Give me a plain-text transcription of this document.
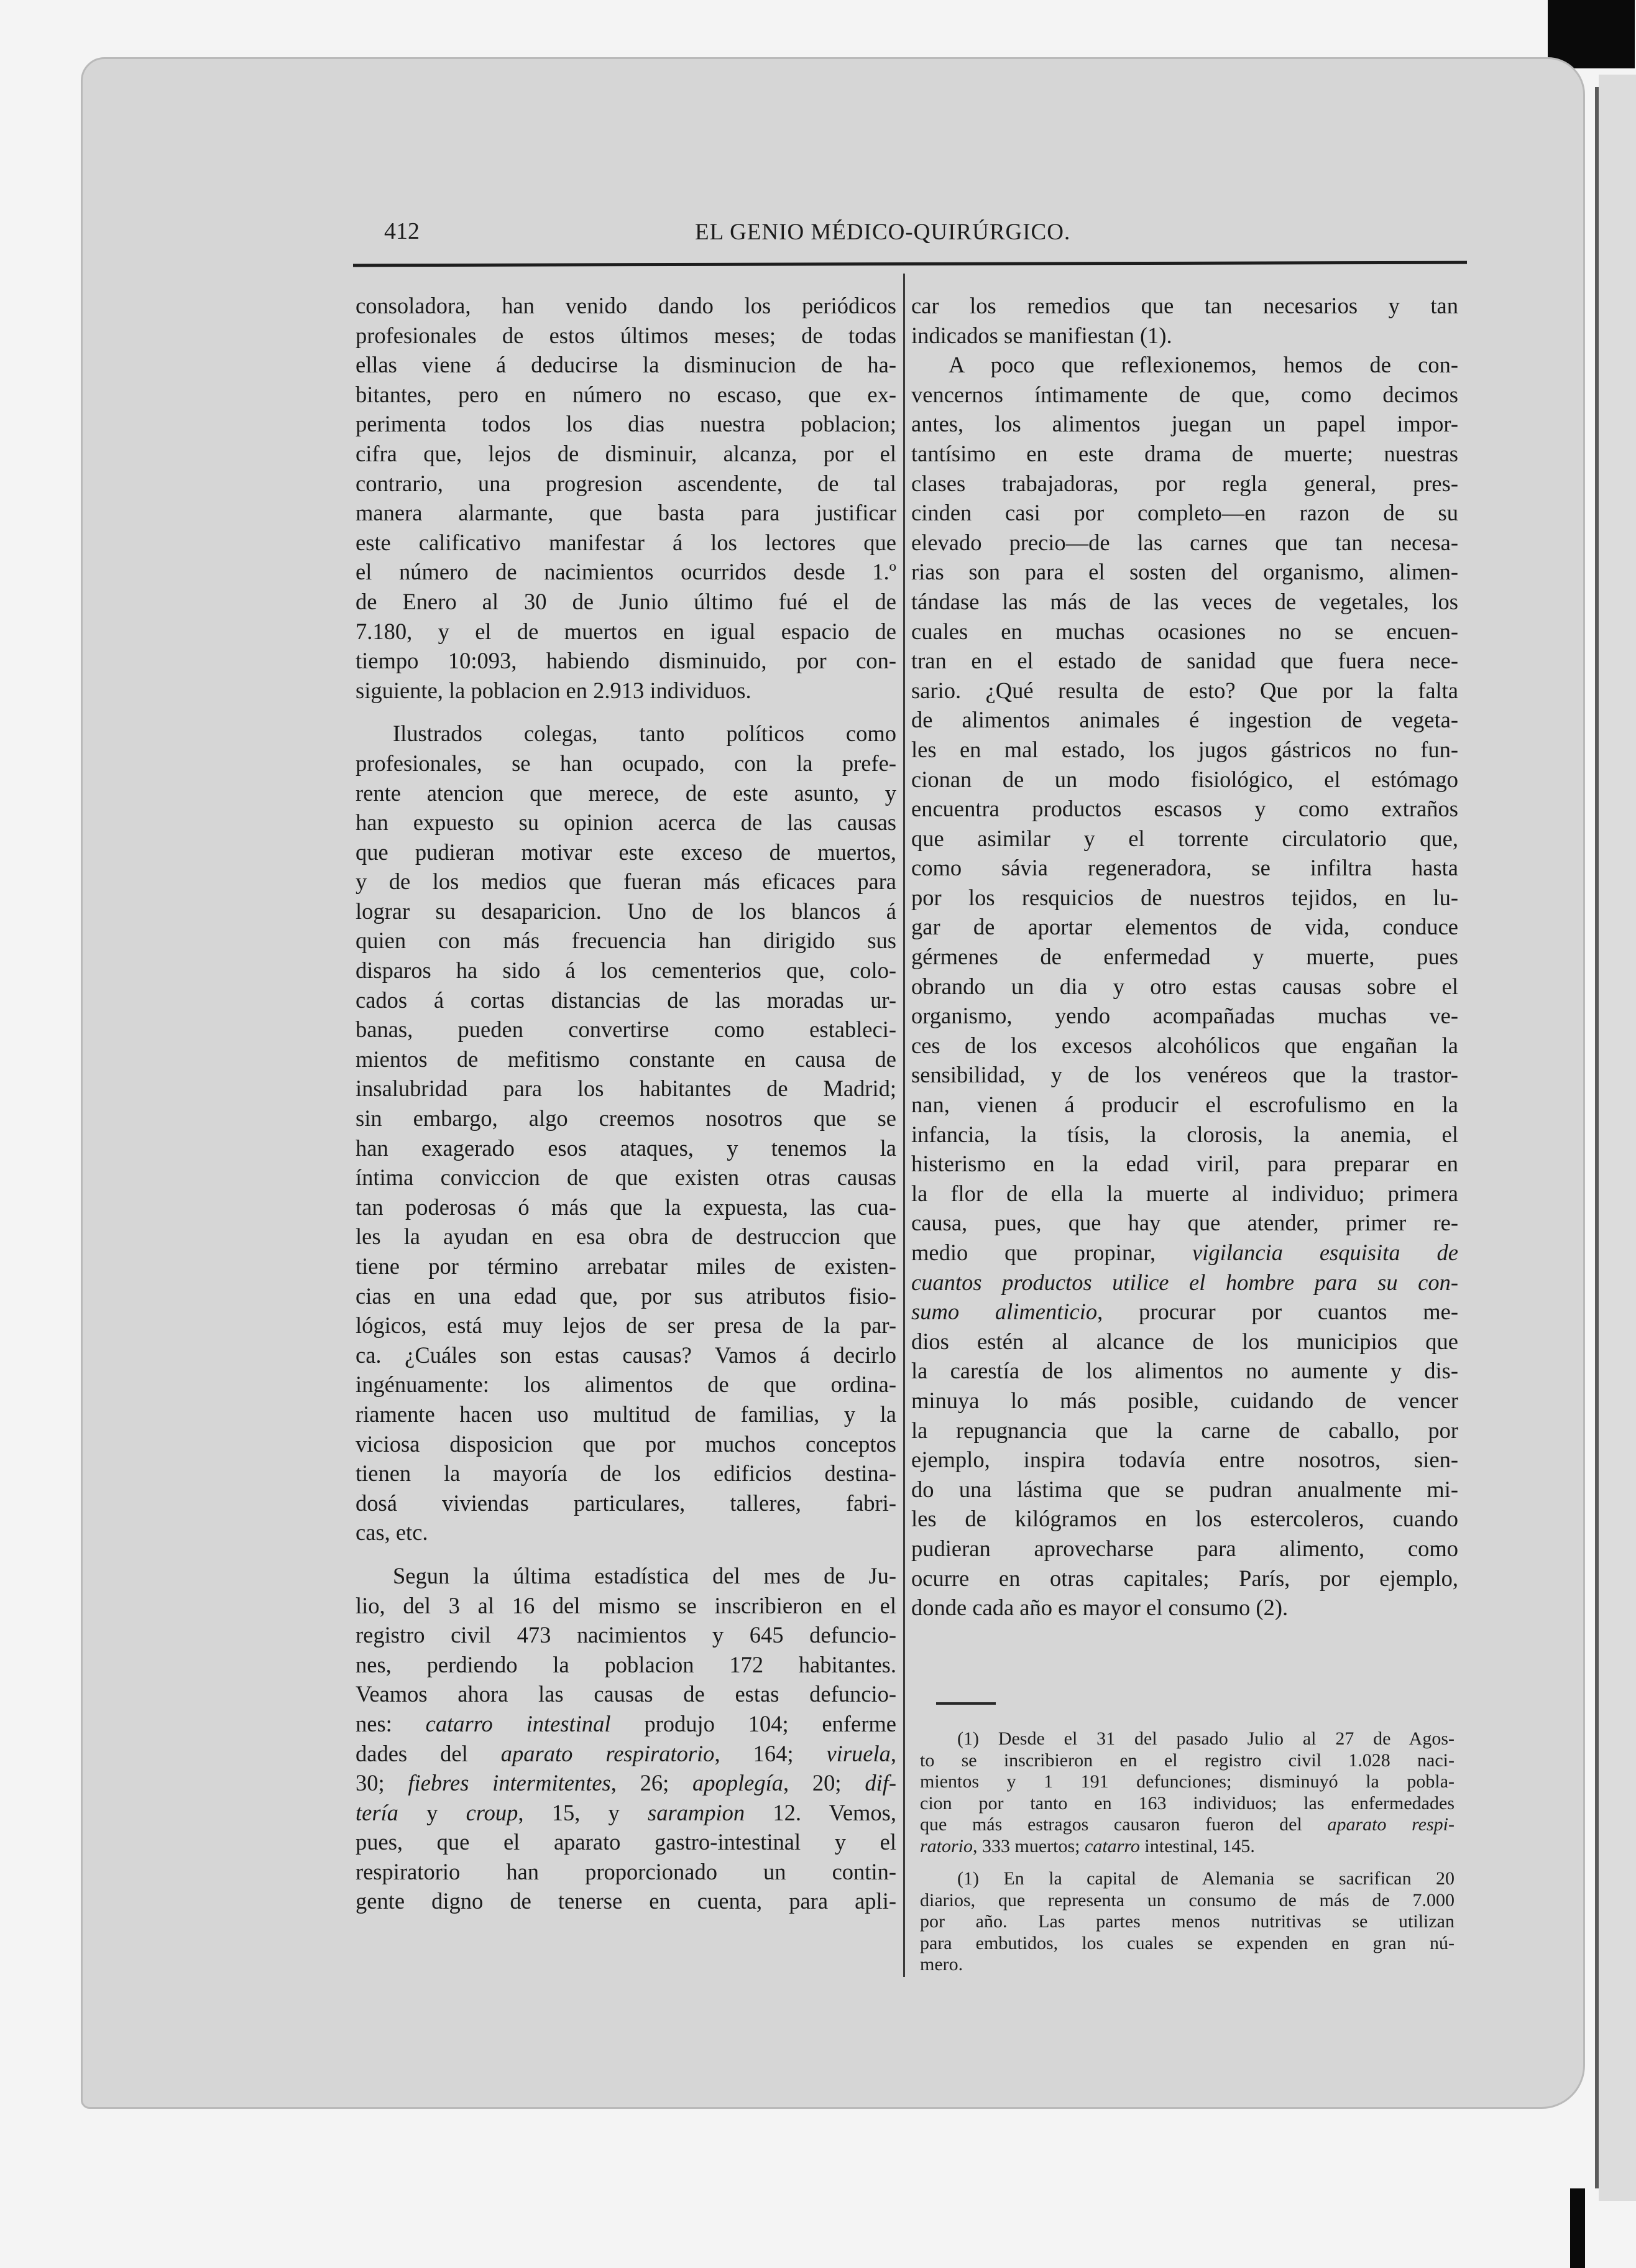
412	EL GENIO MÉDICO-QUIRÚRGICO.
consoladora, han venido dando los periódicos
profesionales de estos últimos meses; de todas
ellas viene á deducirse la disminucion de ha-
bitantes, pero en número no escaso, que ex-
perimenta todos los dias nuestra poblacion;
cifra que, lejos de disminuir, alcanza, por el
contrario, una progresion ascendente, de tal
manera alarmante, que basta para justificar
este calificativo manifestar á los lectores que
el número de nacimientos ocurridos desde 1.º
de Enero al 30 de Junio último fué el de
7.180, y el de muertos en igual espacio de
tiempo 10:093, habiendo disminuido, por con-
siguiente, la poblacion en 2.913 individuos.
Ilustrados colegas, tanto políticos como
profesionales, se han ocupado, con la prefe-
rente atencion que merece, de este asunto, y
han expuesto su opinion acerca de las causas
que pudieran motivar este exceso de muertos,
y de los medios que fueran más eficaces para
lograr su desaparicion. Uno de los blancos á
quien con más frecuencia han dirigido sus
disparos ha sido á los cementerios que, colo-
cados á cortas distancias de las moradas ur-
banas, pueden convertirse como estableci-
mientos de mefitismo constante en causa de
insalubridad para los habitantes de Madrid;
sin embargo, algo creemos nosotros que se
han exagerado esos ataques, y tenemos la
íntima conviccion de que existen otras causas
tan poderosas ó más que la expuesta, las cua-
les la ayudan en esa obra de destruccion que
tiene por término arrebatar miles de existen-
cias en una edad que, por sus atributos fisio-
lógicos, está muy lejos de ser presa de la par-
ca. ¿Cuáles son estas causas? Vamos á decirlo
ingénuamente: los alimentos de que ordina-
riamente hacen uso multitud de familias, y la
viciosa disposicion que por muchos conceptos
tienen la mayoría de los edificios destina-
dosá viviendas particulares, talleres, fabri-
cas, etc.
Segun la última estadística del mes de Ju-
lio, del 3 al 16 del mismo se inscribieron en el
registro civil 473 nacimientos y 645 defuncio-
nes, perdiendo la poblacion 172 habitantes.
Veamos ahora las causas de estas defuncio-
nes: catarro intestinal produjo 104; enferme
dades del aparato respiratorio, 164; viruela,
30; fiebres intermitentes, 26; apoplegía, 20; dif-
tería y croup, 15, y sarampion 12. Vemos,
pues, que el aparato gastro-intestinal y el
respiratorio han proporcionado un contin-
gente digno de tenerse en cuenta, para apli-
car los remedios que tan necesarios y tan
indicados se manifiestan (1).
A poco que reflexionemos, hemos de con-
vencernos íntimamente de que, como decimos
antes, los alimentos juegan un papel impor-
tantísimo en este drama de muerte; nuestras
clases trabajadoras, por regla general, pres-
cinden casi por completo—en razon de su
elevado precio—de las carnes que tan necesa-
rias son para el sosten del organismo, alimen-
tándase las más de las veces de vegetales, los
cuales en muchas ocasiones no se encuen-
tran en el estado de sanidad que fuera nece-
sario. ¿Qué resulta de esto? Que por la falta
de alimentos animales é ingestion de vegeta-
les en mal estado, los jugos gástricos no fun-
cionan de un modo fisiológico, el estómago
encuentra productos escasos y como extraños
que asimilar y el torrente circulatorio que,
como sávia regeneradora, se infiltra hasta
por los resquicios de nuestros tejidos, en lu-
gar de aportar elementos de vida, conduce
gérmenes de enfermedad y muerte, pues
obrando un dia y otro estas causas sobre el
organismo, yendo acompañadas muchas ve-
ces de los excesos alcohólicos que engañan la
sensibilidad, y de los venéreos que la trastor-
nan, vienen á producir el escrofulismo en la
infancia, la tísis, la clorosis, la anemia, el
histerismo en la edad viril, para preparar en
la flor de ella la muerte al individuo; primera
causa, pues, que hay que atender, primer re-
medio que propinar, vigilancia esquisita de
cuantos productos utilice el hombre para su con-
sumo alimenticio, procurar por cuantos me-
dios estén al alcance de los municipios que
la carestía de los alimentos no aumente y dis-
minuya lo más posible, cuidando de vencer
la repugnancia que la carne de caballo, por
ejemplo, inspira todavía entre nosotros, sien-
do una lástima que se pudran anualmente mi-
les de kilógramos en los estercoleros, cuando
pudieran aprovecharse para alimento, como
ocurre en otras capitales; París, por ejemplo,
donde cada año es mayor el consumo (2).
(1) Desde el 31 del pasado Julio al 27 de Agos-
to se inscribieron en el registro civil 1.028 naci-
mientos y 1 191 defunciones; disminuyó la pobla-
cion por tanto en 163 individuos; las enfermedades
que más estragos causaron fueron del aparato respi-
ratorio, 333 muertos; catarro intestinal, 145.
(1) En la capital de Alemania se sacrifican 20
diarios, que representa un consumo de más de 7.000
por año. Las partes menos nutritivas se utilizan
para embutidos, los cuales se expenden en gran nú-
mero.
